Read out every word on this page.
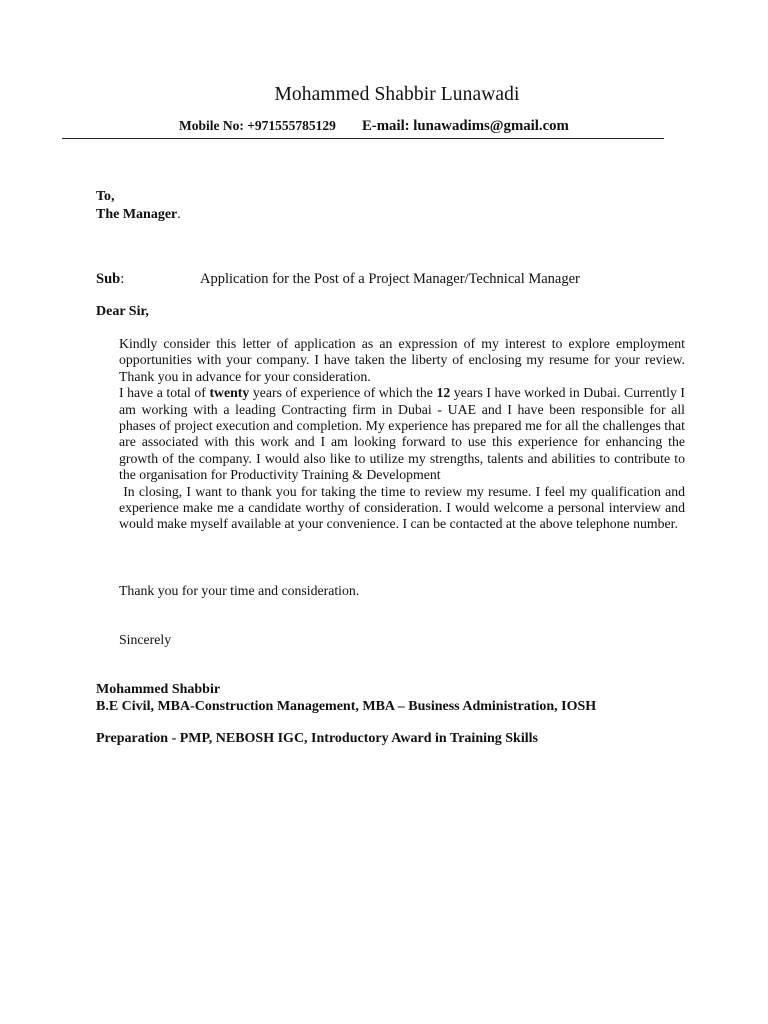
Mohammed Shabbir Lunawadi
Mobile No: +971555785129 E-mail: lunawadims@gmail.com
To,
The Manager.
Sub:	Application for the Post of a Project Manager/Technical Manager
Dear Sir,

Kindly consider this letter of application as an expression of my interest to explore employment opportunities with your company. I have taken the liberty of enclosing my resume for your review. Thank you in advance for your consideration.

I have a total of twenty years of experience of which the 12 years I have worked in Dubai. Currently I am working with a leading Contracting firm in Dubai - UAE and I have been responsible for all phases of project execution and completion. My experience has prepared me for all the challenges that are associated with this work and I am looking forward to use this experience for enhancing the growth of the company. I would also like to utilize my strengths, talents and abilities to contribute to the organisation for Productivity Training & Development

In closing, I want to thank you for taking the time to review my resume. I feel my qualification and experience make me a candidate worthy of consideration. I would welcome a personal interview and would make myself available at your convenience. I can be contacted at the above telephone number.

Thank you for your time and consideration.
Sincerely
Mohammed Shabbir
B.E Civil, MBA-Construction Management, MBA – Business Administration, IOSH
Preparation - PMP, NEBOSH IGC, Introductory Award in Training Skills
